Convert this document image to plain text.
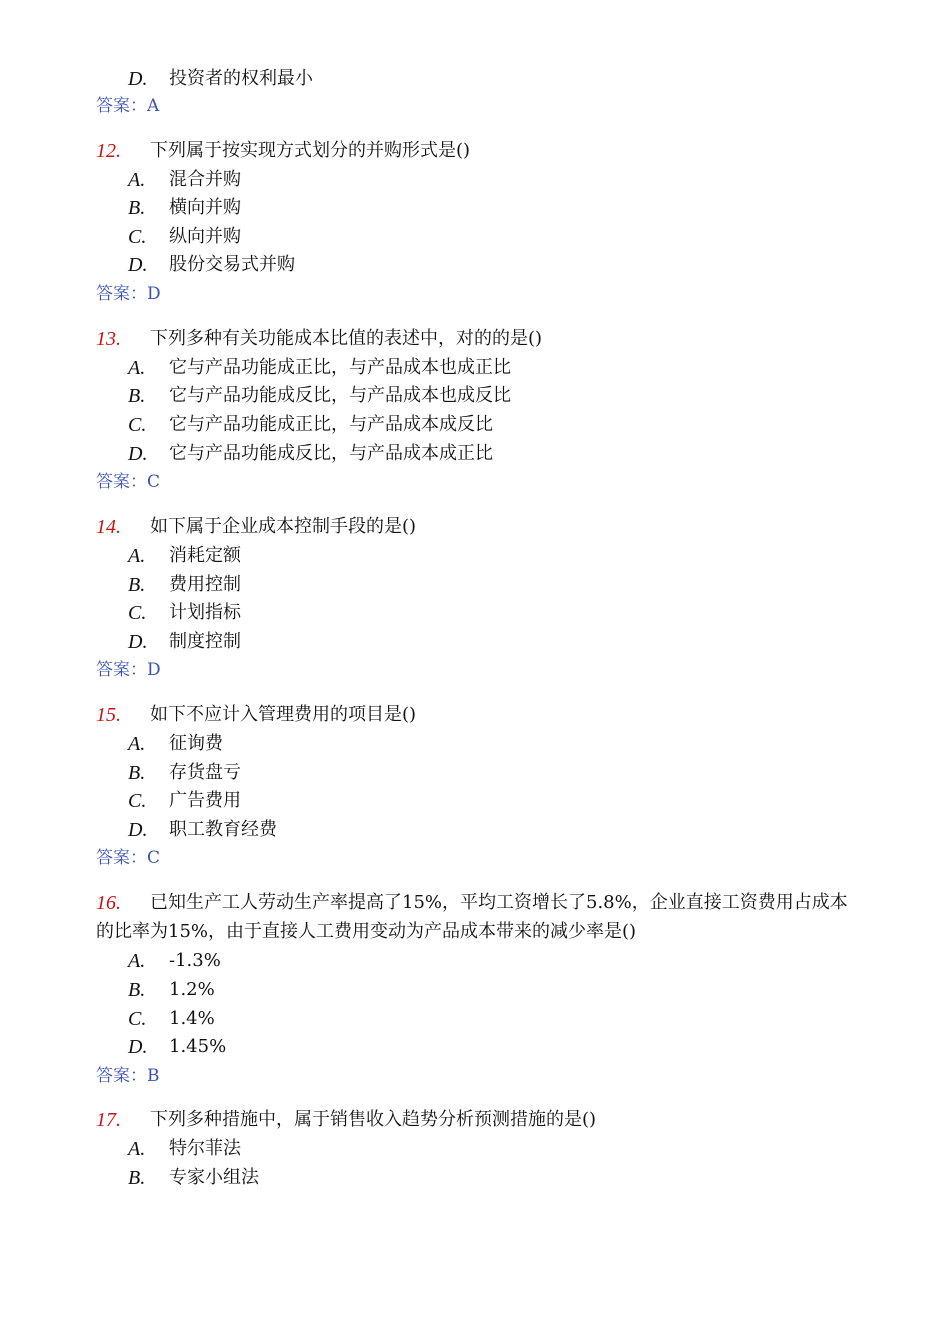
D. 投资者的权利最小
答案：A
12. 下列属于按实现方式划分的并购形式是()
A. 混合并购
B. 横向并购
C. 纵向并购
D. 股份交易式并购
答案：D
13. 下列多种有关功能成本比值的表述中，对的的是()
A. 它与产品功能成正比，与产品成本也成正比
B. 它与产品功能成反比，与产品成本也成反比
C. 它与产品功能成正比，与产品成本成反比
D. 它与产品功能成反比，与产品成本成正比
答案：C
14. 如下属于企业成本控制手段的是()
A. 消耗定额
B. 费用控制
C. 计划指标
D. 制度控制
答案：D
15. 如下不应计入管理费用的项目是()
A. 征询费
B. 存货盘亏
C. 广告费用
D. 职工教育经费
答案：C
16. 已知生产工人劳动生产率提高了15%，平均工资增长了5.8%，企业直接工资费用占成本
的比率为15%，由于直接人工费用变动为产品成本带来的减少率是()
A. -1.3%
B. 1.2%
C. 1.4%
D. 1.45%
答案：B
17. 下列多种措施中，属于销售收入趋势分析预测措施的是()
A. 特尔菲法
B. 专家小组法
